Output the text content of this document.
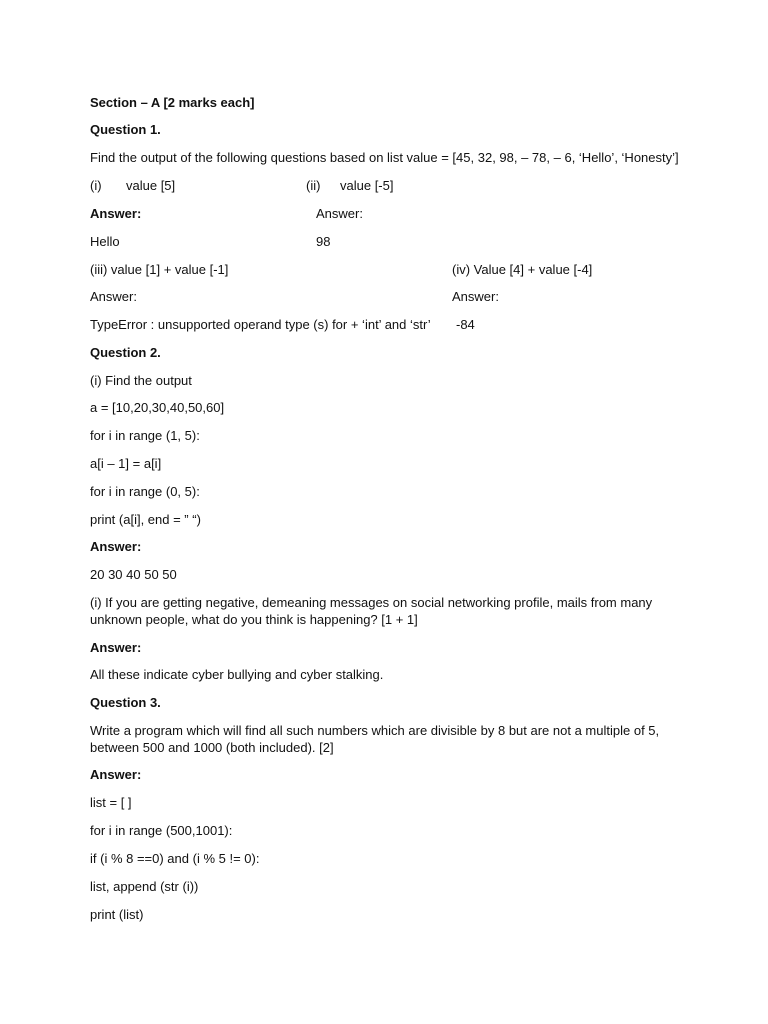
Section – A [2 marks each]
Question 1.
Find the output of the following questions based on list value = [45, 32, 98, – 78, – 6, ‘Hello’, ‘Honesty’]
(i) value [5]	(ii) value [-5]
Answer:	Answer:
Hello	98
(iii) value [1] + value [-1]	(iv) Value [4] + value [-4]
Answer:	Answer:
TypeError : unsupported operand type (s) for + ‘int’ and ‘str’ -84
Question 2.
(i) Find the output
a = [10,20,30,40,50,60]
for i in range (1, 5):
a[i – 1] = a[i]
for i in range (0, 5):
print (a[i], end = ” “)
Answer:
20 30 40 50 50
(i) If you are getting negative, demeaning messages on social networking profile, mails from many
unknown people, what do you think is happening? [1 + 1]
Answer:
All these indicate cyber bullying and cyber stalking.
Question 3.
Write a program which will find all such numbers which are divisible by 8 but are not a multiple of 5,
between 500 and 1000 (both included). [2]
Answer:
list = [ ]
for i in range (500,1001):
if (i % 8 ==0) and (i % 5 != 0):
list, append (str (i))
print (list)
